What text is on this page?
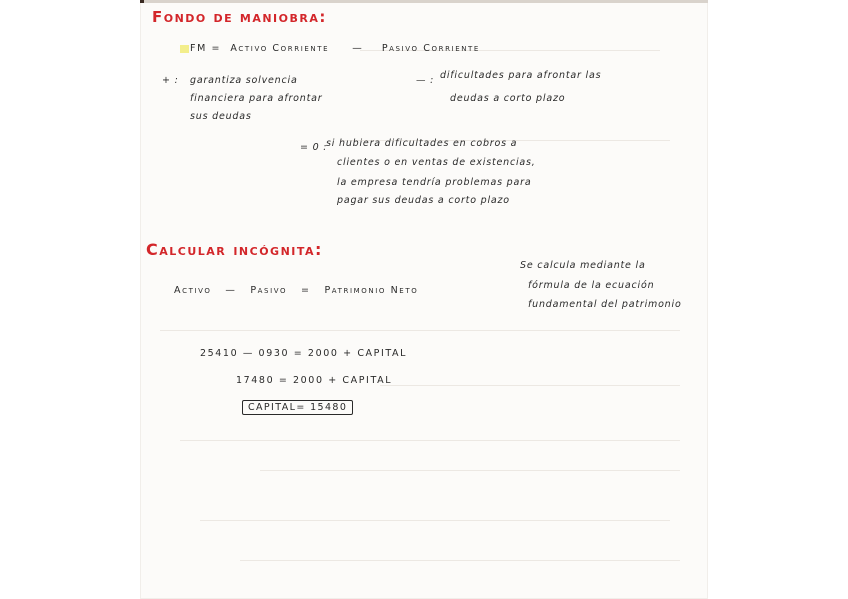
Fondo de maniobra:
FM = Activo Corriente — Pasivo Corriente
+ : garantiza solvencia
financiera para afrontar
sus deudas
— : dificultades para afrontar las
deudas a corto plazo
= 0 :
si hubiera dificultades en cobros a
clientes o en ventas de existencias,
la empresa tendría problemas para
pagar sus deudas a corto plazo
Calcular incógnita:
Se calcula mediante la
fórmula de la ecuación
fundamental del patrimonio
Activo — Pasivo = Patrimonio Neto
25410 — 0930 = 2000 + CAPITAL
17480 = 2000 + CAPITAL
CAPITAL= 15480
